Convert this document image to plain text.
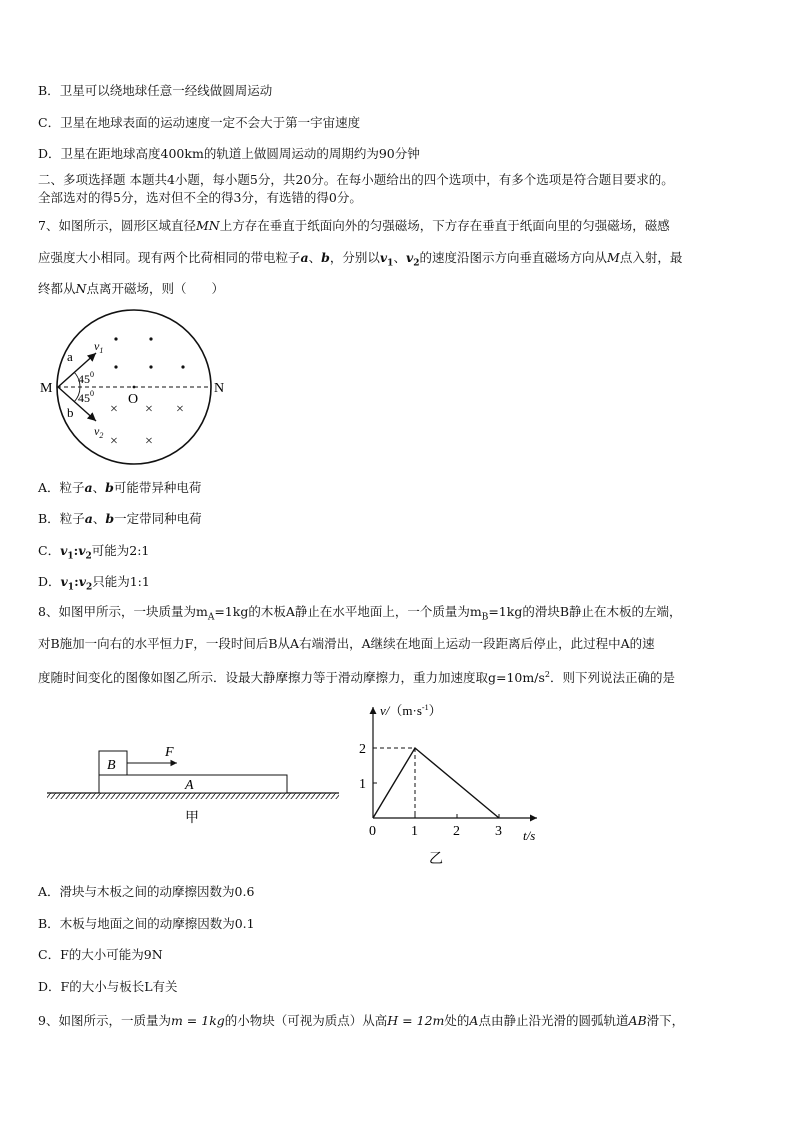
B．卫星可以绕地球任意一经线做圆周运动
C．卫星在地球表面的运动速度一定不会大于第一宇宙速度
D．卫星在距地球高度400km的轨道上做圆周运动的周期约为90分钟
二、多项选择题 本题共4小题，每小题5分，共20分。在每小题给出的四个选项中，有多个选项是符合题目要求的。
全部选对的得5分，选对但不全的得3分，有选错的得0分。
7、如图所示，圆形区域直径MN上方存在垂直于纸面向外的匀强磁场，下方存在垂直于纸面向里的匀强磁场，磁感
应强度大小相同。现有两个比荷相同的带电粒子a、b，分别以$v_1$、$v_2$的速度沿图示方向垂直磁场方向从M点入射，最
终都从N点离开磁场，则（　　）
× × ×
× ×
M	N
O
a
b
$v_1$
$v_2$
$45^0$
$45^0$
A．粒子a、b可能带异种电荷
B．粒子a、b一定带同种电荷
C．$v_1:v_2$可能为2:1
D．$v_1:v_2$只能为1:1
8、如图甲所示，一块质量为$m_A=1kg$的木板A静止在水平地面上，一个质量为$m_B=1kg$的滑块B静止在木板的左端，
对B施加一向右的水平恒力F，一段时间后B从A右端滑出，A继续在地面上运动一段距离后停止，此过程中A的速
度随时间变化的图像如图乙所示．设最大静摩擦力等于滑动摩擦力，重力加速度取$g=10m/s^2$．则下列说法正确的是
B
F
A
甲
0	1	2	3
1
2
$v/(m\cdot s^{-1})$
t/s
乙
A．滑块与木板之间的动摩擦因数为0.6
B．木板与地面之间的动摩擦因数为0.1
C．F的大小可能为9N
D．F的大小与板长L有关
9、如图所示，一质量为m = 1kg的小物块（可视为质点）从高H = 12m处的A点由静止沿光滑的圆弧轨道AB滑下，
